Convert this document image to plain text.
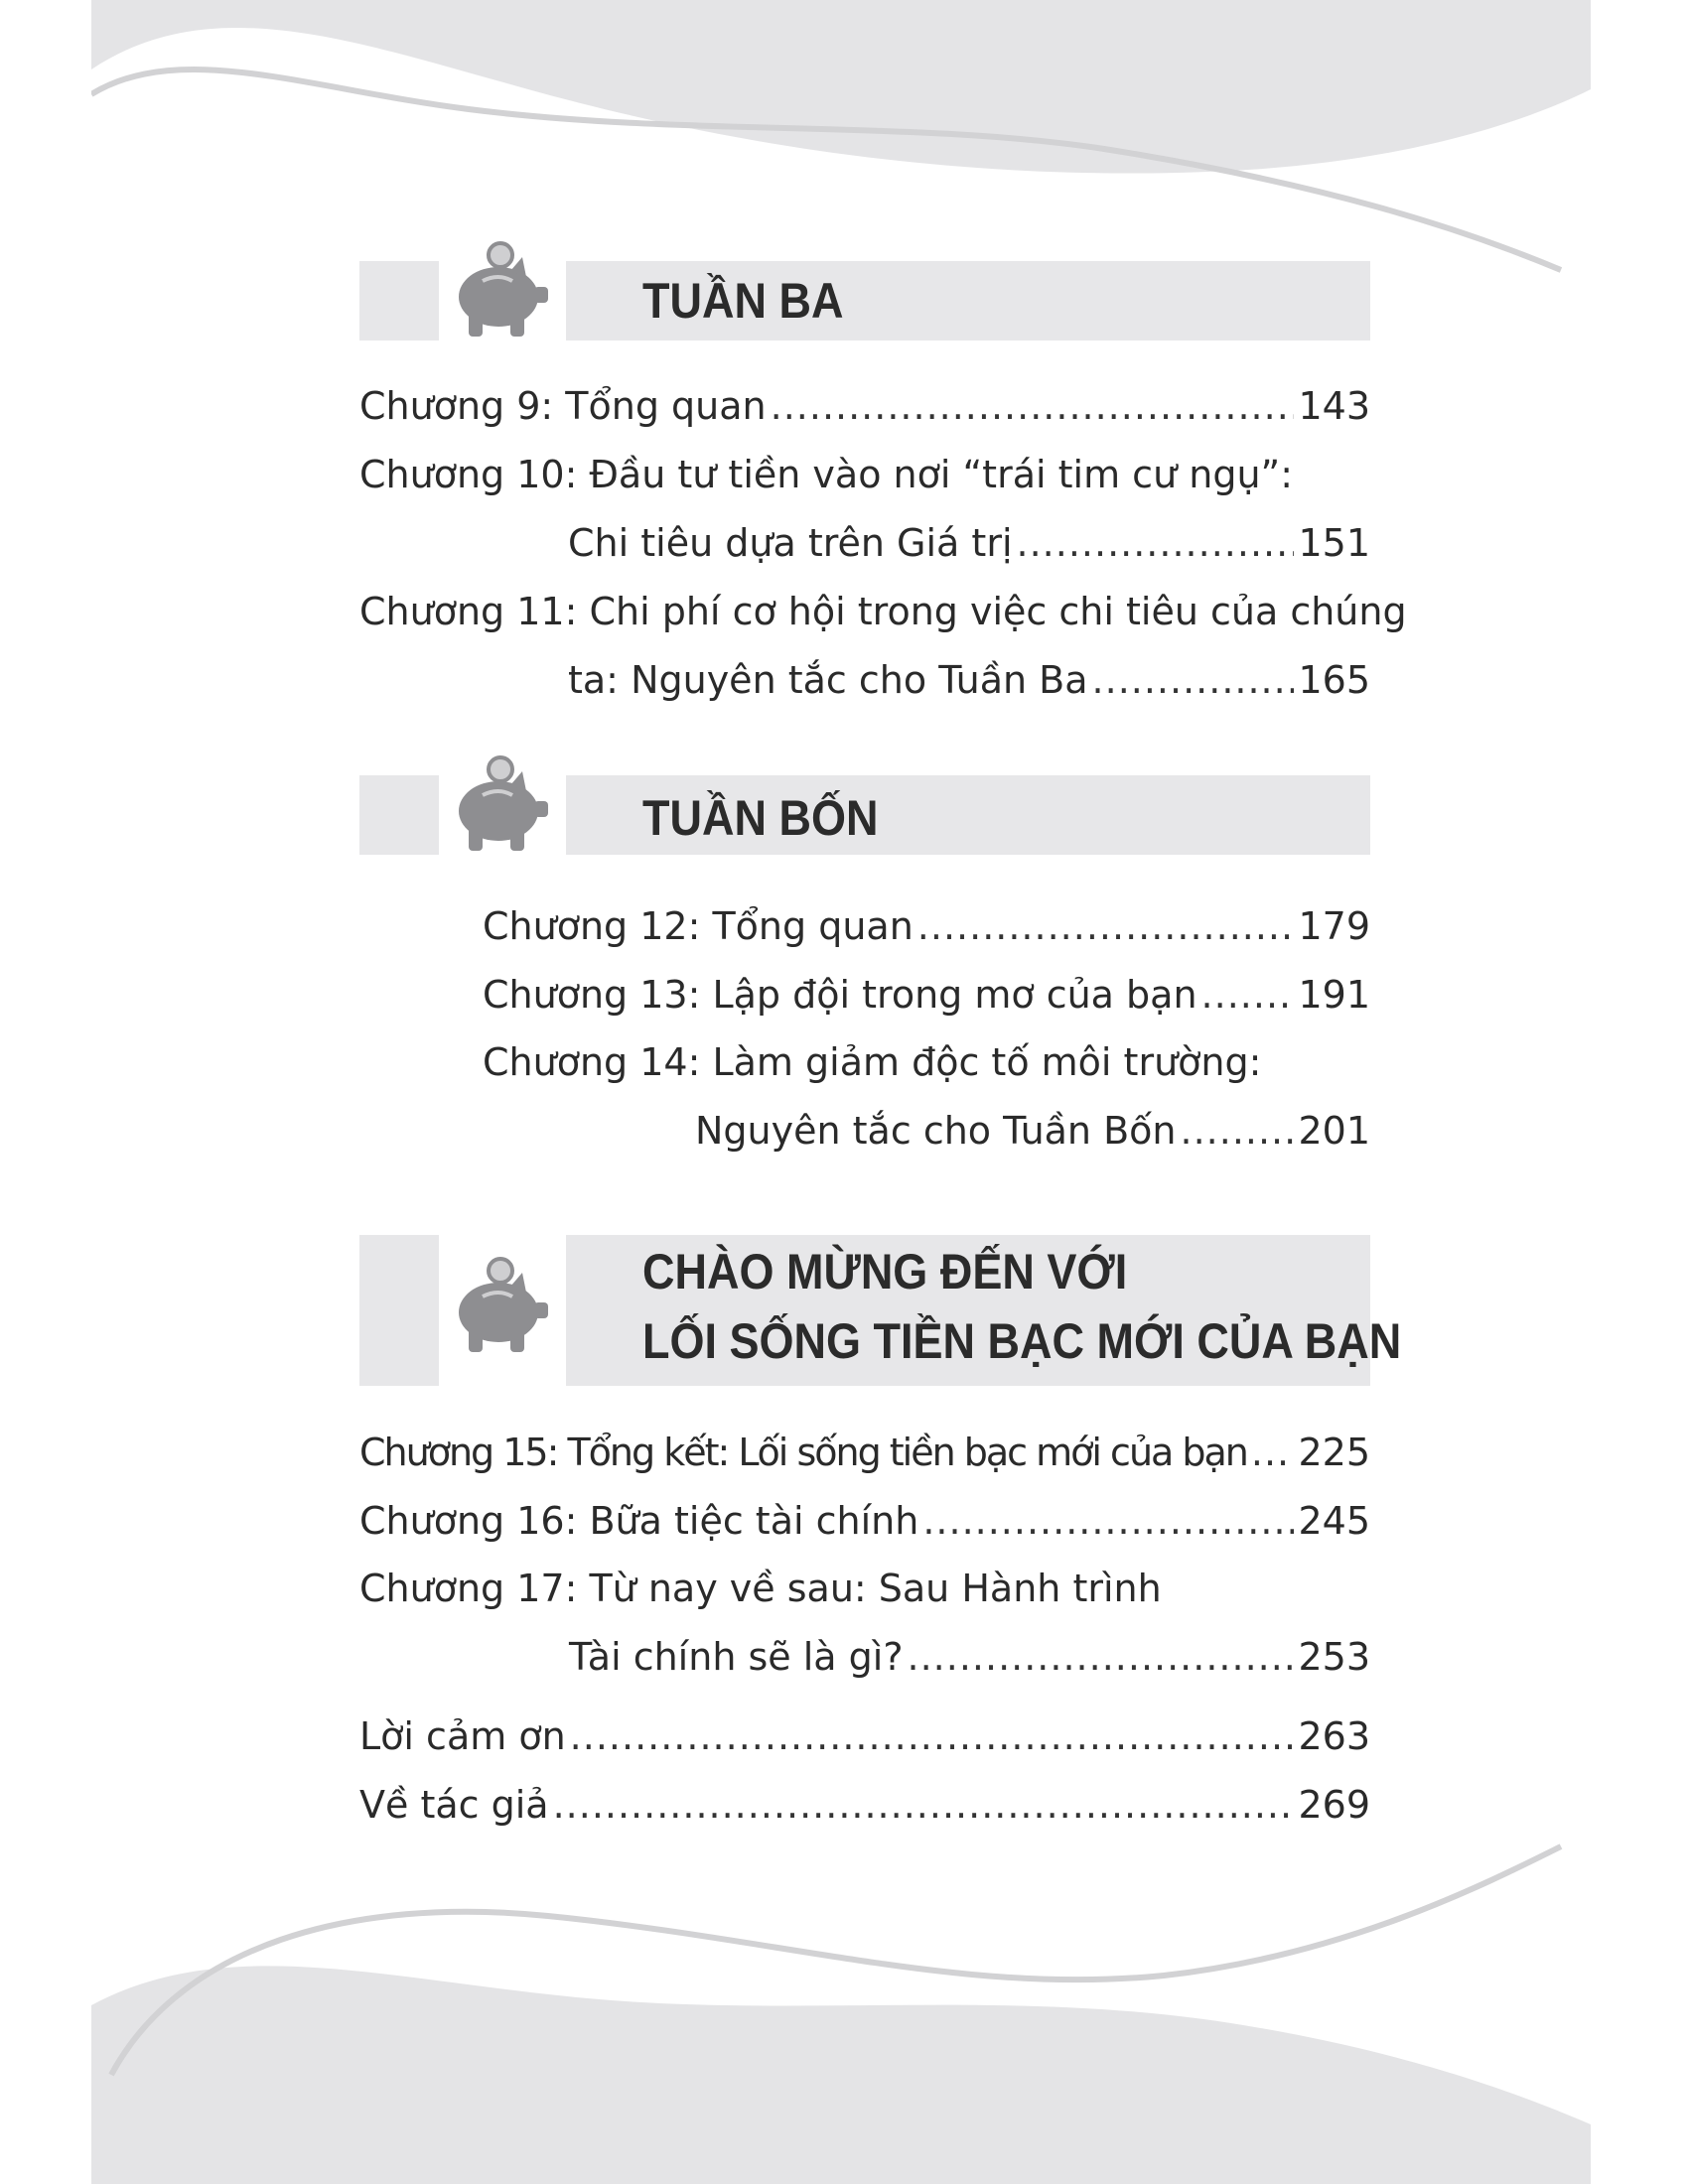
TUẦN BA
Chương 9: Tổng quan .....	143
Chương 10: Đầu tư tiền vào nơi “trái tim cư ngụ”:
Chi tiêu dựa trên Giá trị .....	151
Chương 11: Chi phí cơ hội trong việc chi tiêu của chúng
ta: Nguyên tắc cho Tuần Ba .....	165
TUẦN BỐN
Chương 12: Tổng quan .....	179
Chương 13: Lập đội trong mơ của bạn .....	191
Chương 14: Làm giảm độc tố môi trường:
Nguyên tắc cho Tuần Bốn .....	201
CHÀO MỪNG ĐẾN VỚI
LỐI SỐNG TIỀN BẠC MỚI CỦA BẠN
Chương 15: Tổng kết: Lối sống tiền bạc mới của bạn ..... 225
Chương 16: Bữa tiệc tài chính .....	245
Chương 17: Từ nay về sau: Sau Hành trình
Tài chính sẽ là gì? .....	253
Lời cảm ơn .....	263
Về tác giả .....	269
